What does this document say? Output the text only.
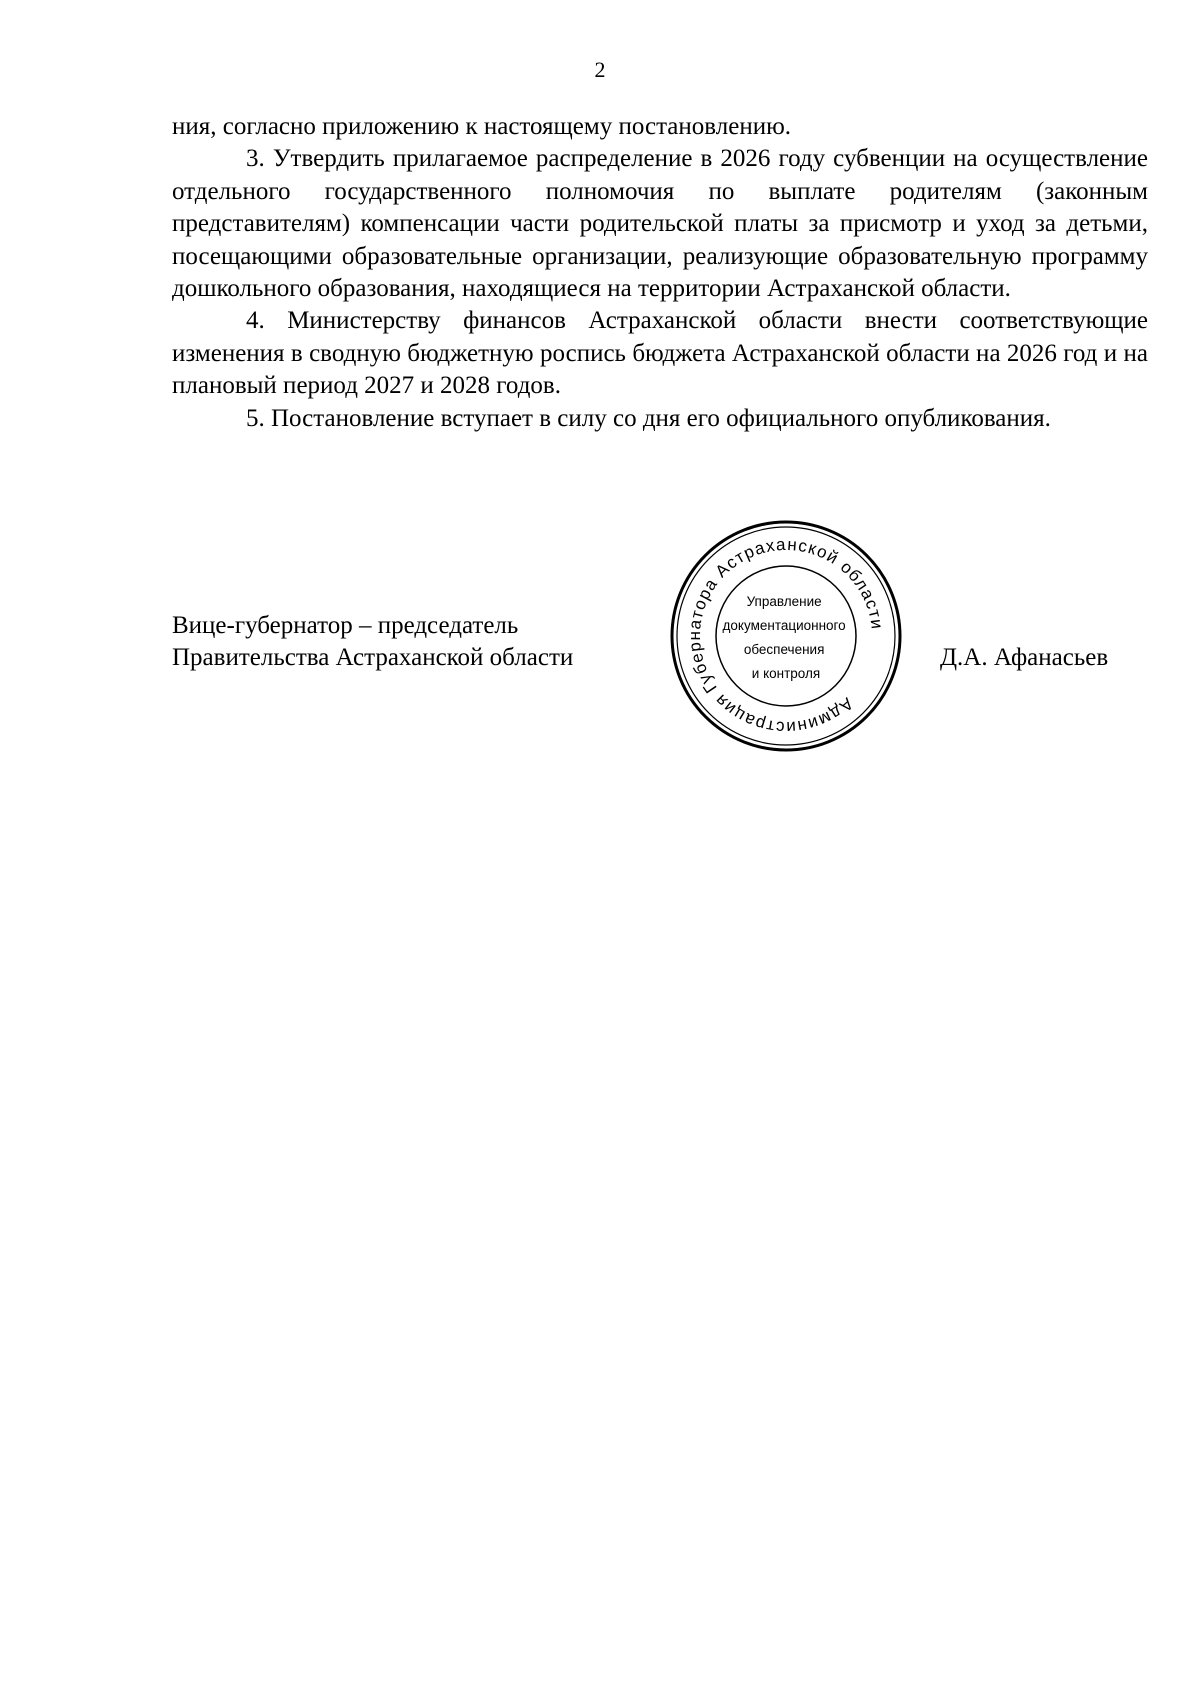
2

ния, согласно приложению к настоящему постановлению.

3. Утвердить прилагаемое распределение в 2026 году субвенции на осуществление отдельного государственного полномочия по выплате родителям (законным представителям) компенсации части родительской платы за присмотр и уход за детьми, посещающими образовательные организации, реализующие образовательную программу дошкольного образования, находящиеся на территории Астраханской области.

4. Министерству финансов Астраханской области внести соответствующие изменения в сводную бюджетную роспись бюджета Астраханской области на 2026 год и на плановый период 2027 и 2028 годов.

5. Постановление вступает в силу со дня его официального опубликования.

Вице-губернатор – председатель
Правительства Астраханской области	Д.А. Афанасьев
Администрация Губернатора Астраханской области
Управление документационного обеспечения и контроля
